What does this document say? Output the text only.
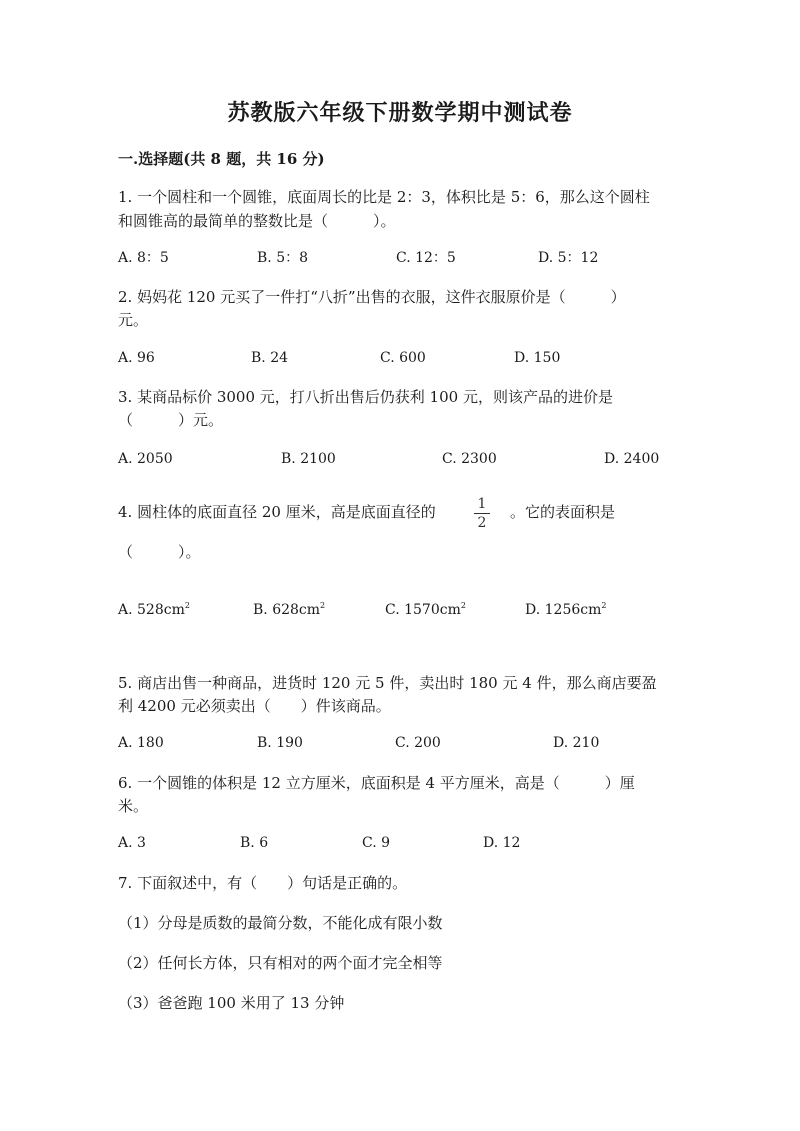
苏教版六年级下册数学期中测试卷
一.选择题(共 8 题，共 16 分)
1. 一个圆柱和一个圆锥，底面周长的比是 2：3，体积比是 5：6，那么这个圆柱
和圆锥高的最简单的整数比是（　　　）。
A. 8：5	B. 5：8	C. 12：5	D. 5：12
2. 妈妈花 120 元买了一件打“八折”出售的衣服，这件衣服原价是（　　　）
元。
A. 96	B. 24	C. 600	D. 150
3. 某商品标价 3000 元，打八折出售后仍获利 100 元，则该产品的进价是
（　　　）元。
A. 2050	B. 2100	C. 2300	D. 2400
4. 圆柱体的底面直径 20 厘米，高是底面直径的	1
2
。它的表面积是
（　　　）。
A. $528cm^2$	B. $628cm^2$	C. $1570cm^2$	D. $1256cm^2$
5. 商店出售一种商品，进货时 120 元 5 件，卖出时 180 元 4 件，那么商店要盈
利 4200 元必须卖出（　　）件该商品。
A. 180	B. 190	C. 200	D. 210
6. 一个圆锥的体积是 12 立方厘米，底面积是 4 平方厘米，高是（　　　）厘
米。
A. 3	B. 6	C. 9	D. 12
7. 下面叙述中，有（　　）句话是正确的。
（1）分母是质数的最简分数，不能化成有限小数
（2）任何长方体，只有相对的两个面才完全相等
（3）爸爸跑 100 米用了 13 分钟
